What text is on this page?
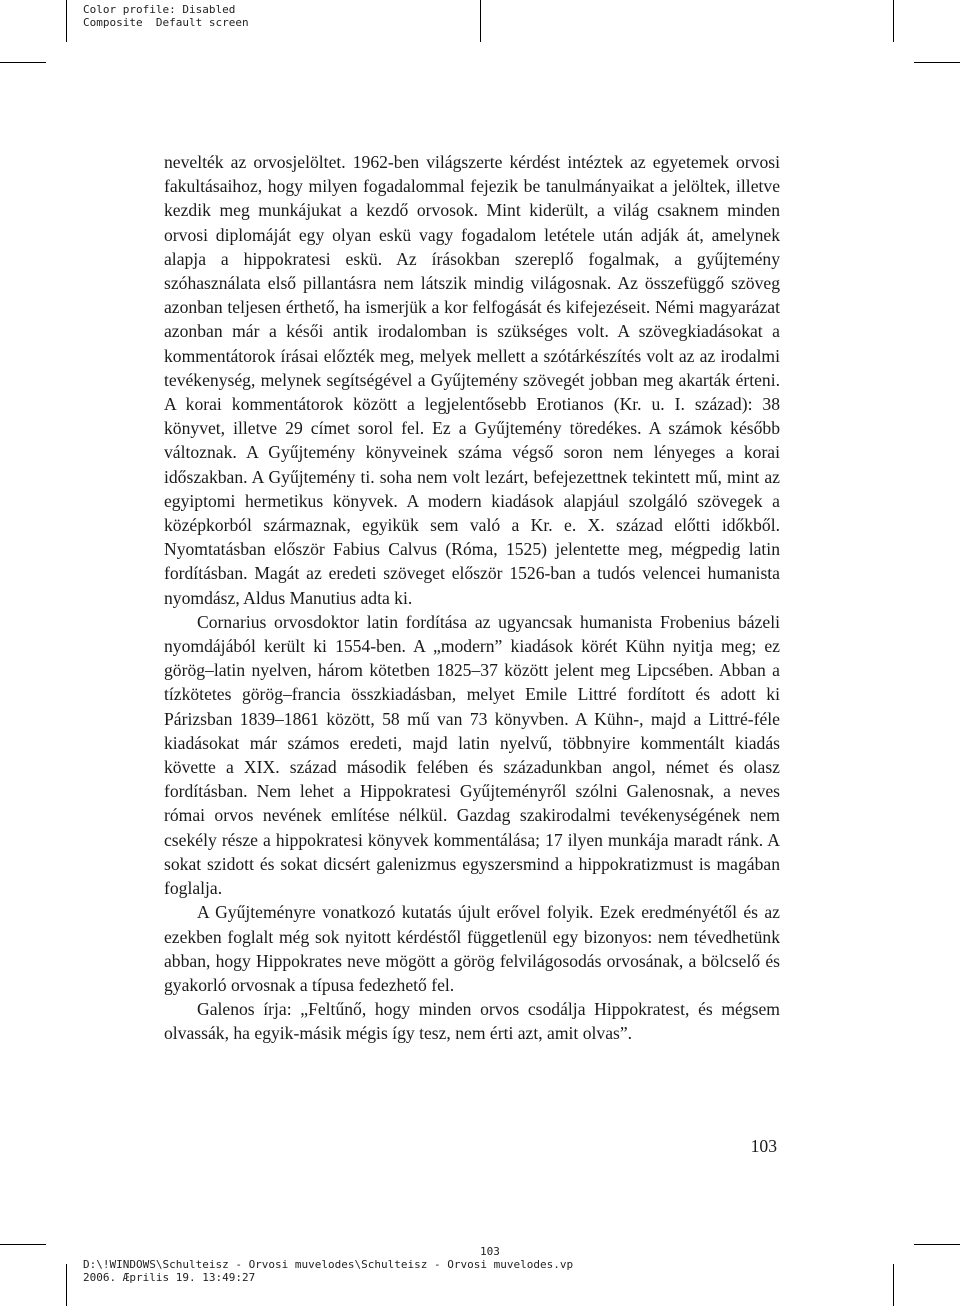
Color profile: Disabled
Composite  Default screen

nevelték az orvosjelöltet. 1962-ben világszerte kérdést intéztek az egyetemek orvosi fakultásaihoz, hogy milyen fogadalommal fejezik be tanulmányaikat a jelöltek, illetve kezdik meg munkájukat a kezdő orvosok. Mint kiderült, a világ csaknem minden orvosi diplomáját egy olyan eskü vagy fogadalom letétele után adják át, amelynek alapja a hippokratesi eskü. Az írásokban szereplő fogalmak, a gyűjtemény szóhasználata első pillantásra nem látszik mindig világosnak. Az összefüggő szöveg azonban teljesen érthető, ha ismerjük a kor felfogását és kifejezéseit. Némi magyarázat azonban már a késői antik irodalomban is szükséges volt. A szövegkiadásokat a kommentátorok írásai előzték meg, melyek mellett a szótárkészítés volt az az irodalmi tevékenység, melynek segítségével a Gyűjtemény szövegét jobban meg akarták érteni. A korai kommentátorok között a legjelentősebb Erotianos (Kr. u. I. század): 38 könyvet, illetve 29 címet sorol fel. Ez a Gyűjtemény töredékes. A számok később változnak. A Gyűjtemény könyveinek száma végső soron nem lényeges a korai időszakban. A Gyűjtemény ti. soha nem volt lezárt, befejezettnek tekintett mű, mint az egyiptomi hermetikus könyvek. A modern kiadások alapjául szolgáló szövegek a középkorból származnak, egyikük sem való a Kr. e. X. század előtti időkből. Nyomtatásban először Fabius Calvus (Róma, 1525) jelentette meg, mégpedig latin fordításban. Magát az eredeti szöveget először 1526-ban a tudós velencei humanista nyomdász, Aldus Manutius adta ki.

Cornarius orvosdoktor latin fordítása az ugyancsak humanista Frobenius bázeli nyomdájából került ki 1554-ben. A „modern” kiadások körét Kühn nyitja meg; ez görög–latin nyelven, három kötetben 1825–37 között jelent meg Lipcsében. Abban a tízkötetes görög–francia összkiadásban, melyet Emile Littré fordított és adott ki Párizsban 1839–1861 között, 58 mű van 73 könyvben. A Kühn-, majd a Littré-féle kiadásokat már számos eredeti, majd latin nyelvű, többnyire kommentált kiadás követte a XIX. század második felében és századunkban angol, német és olasz fordításban. Nem lehet a Hippokratesi Gyűjteményről szólni Galenosnak, a neves római orvos nevének említése nélkül. Gazdag szakirodalmi tevékenységének nem csekély része a hippokratesi könyvek kommentálása; 17 ilyen munkája maradt ránk. A sokat szidott és sokat dicsért galenizmus egyszersmind a hippokratizmust is magában foglalja.

A Gyűjteményre vonatkozó kutatás újult erővel folyik. Ezek eredményétől és az ezekben foglalt még sok nyitott kérdéstől függetlenül egy bizonyos: nem tévedhetünk abban, hogy Hippokrates neve mögött a görög felvilágosodás orvosának, a bölcselő és gyakorló orvosnak a típusa fedezhető fel.

Galenos írja: „Feltűnő, hogy minden orvos csodálja Hippokratest, és mégsem olvassák, ha egyik-másik mégis így tesz, nem érti azt, amit olvas”.

103
103
D:\!WINDOWS\Schulteisz - Orvosi muvelodes\Schulteisz - Orvosi muvelodes.vp
2006. Æprilis 19. 13:49:27
